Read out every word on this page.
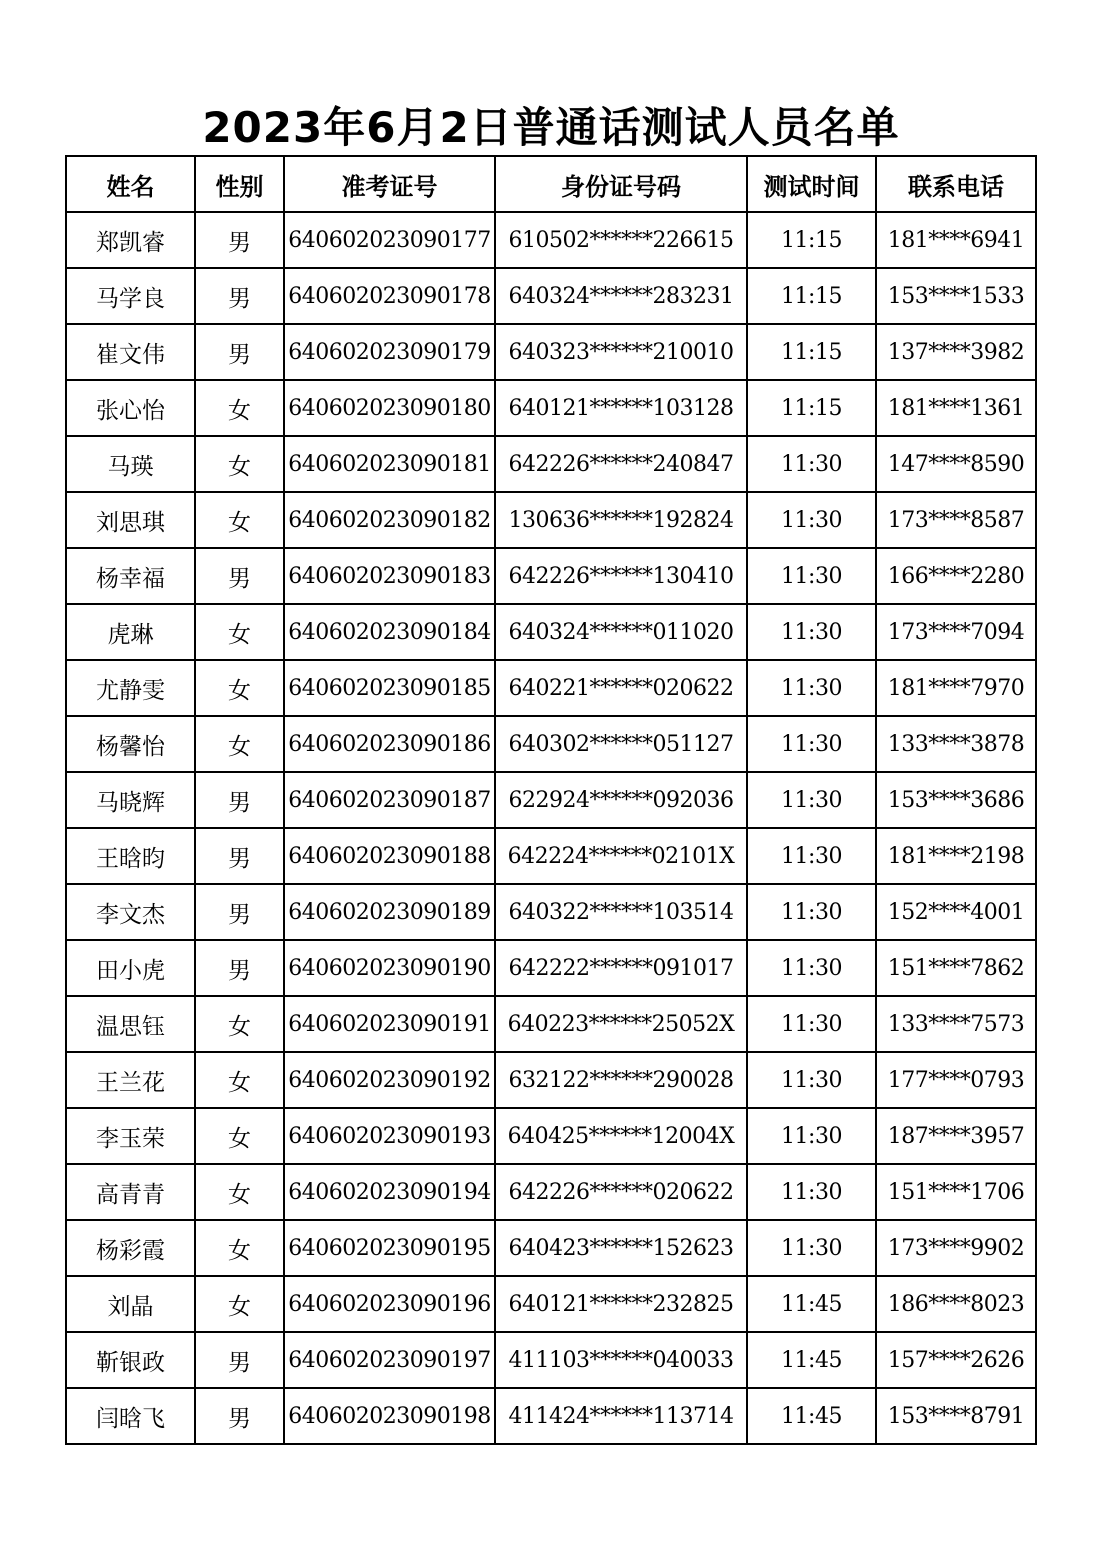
2023年6月2日普通话测试人员名单
姓名	性别	准考证号	身份证号码	测试时间	联系电话
郑凯睿	男	640602023090177	610502******226615	11:15	181****6941
马学良	男	640602023090178	640324******283231	11:15	153****1533
崔文伟	男	640602023090179	640323******210010	11:15	137****3982
张心怡	女	640602023090180	640121******103128	11:15	181****1361
马瑛	女	640602023090181	642226******240847	11:30	147****8590
刘思琪	女	640602023090182	130636******192824	11:30	173****8587
杨幸福	男	640602023090183	642226******130410	11:30	166****2280
虎琳	女	640602023090184	640324******011020	11:30	173****7094
尤静雯	女	640602023090185	640221******020622	11:30	181****7970
杨馨怡	女	640602023090186	640302******051127	11:30	133****3878
马晓辉	男	640602023090187	622924******092036	11:30	153****3686
王晗昀	男	640602023090188	642224******02101X	11:30	181****2198
李文杰	男	640602023090189	640322******103514	11:30	152****4001
田小虎	男	640602023090190	642222******091017	11:30	151****7862
温思钰	女	640602023090191	640223******25052X	11:30	133****7573
王兰花	女	640602023090192	632122******290028	11:30	177****0793
李玉荣	女	640602023090193	640425******12004X	11:30	187****3957
高青青	女	640602023090194	642226******020622	11:30	151****1706
杨彩霞	女	640602023090195	640423******152623	11:30	173****9902
刘晶	女	640602023090196	640121******232825	11:45	186****8023
靳银政	男	640602023090197	411103******040033	11:45	157****2626
闫晗飞	男	640602023090198	411424******113714	11:45	153****8791
